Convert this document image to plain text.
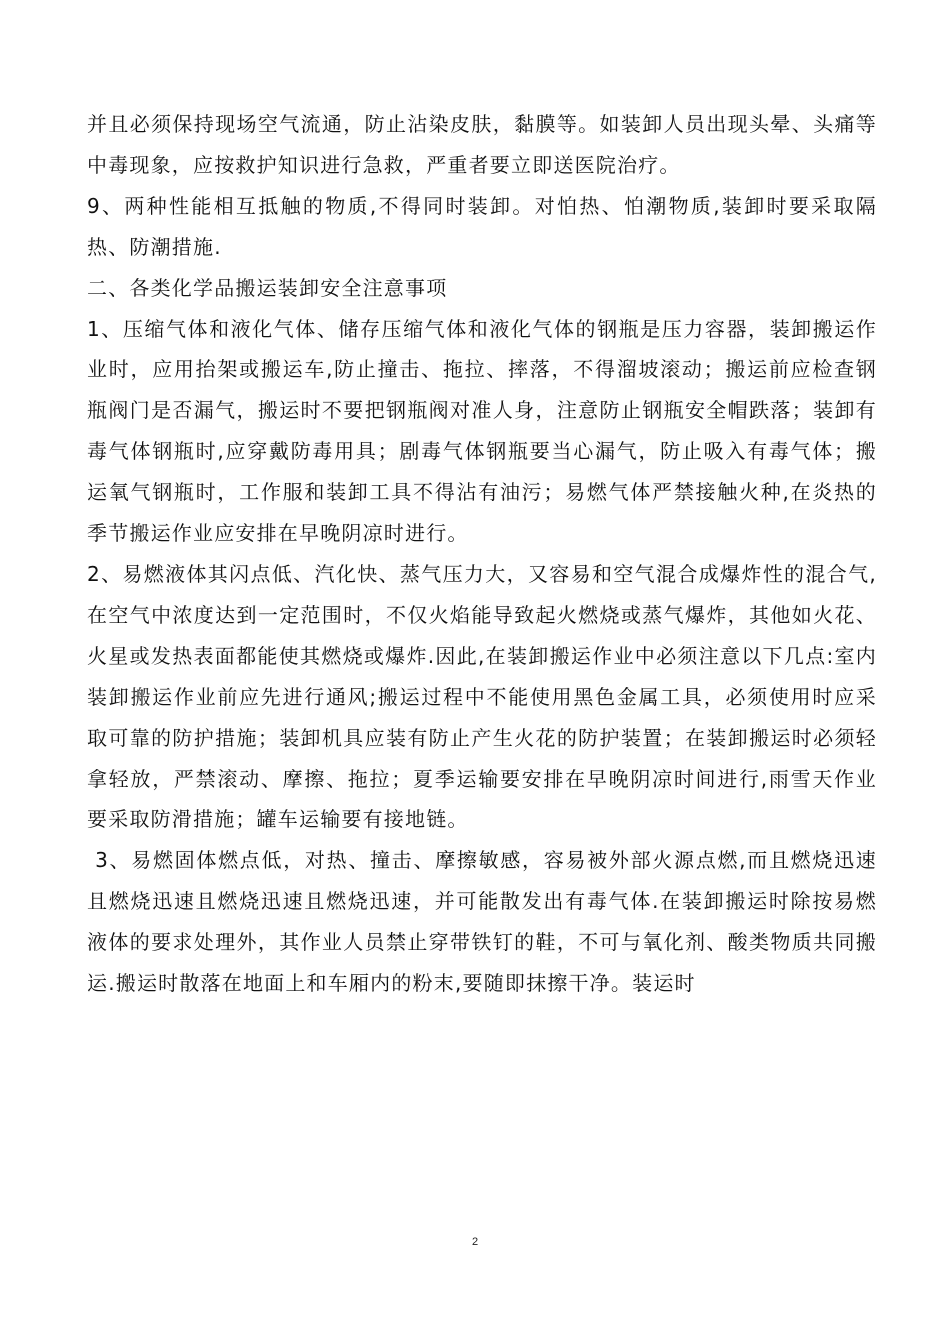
并且必须保持现场空气流通，防止沾染皮肤，黏膜等。如装卸人员出现头晕、头痛等中毒现象，应按救护知识进行急救，严重者要立即送医院治疗。

9、两种性能相互抵触的物质,不得同时装卸。对怕热、怕潮物质,装卸时要采取隔热、防潮措施.

二、各类化学品搬运装卸安全注意事项

1、压缩气体和液化气体、储存压缩气体和液化气体的钢瓶是压力容器，装卸搬运作业时，应用抬架或搬运车,防止撞击、拖拉、摔落，不得溜坡滚动；搬运前应检查钢瓶阀门是否漏气，搬运时不要把钢瓶阀对准人身，注意防止钢瓶安全帽跌落；装卸有毒气体钢瓶时,应穿戴防毒用具；剧毒气体钢瓶要当心漏气，防止吸入有毒气体；搬运氧气钢瓶时，工作服和装卸工具不得沾有油污；易燃气体严禁接触火种,在炎热的季节搬运作业应安排在早晚阴凉时进行。

2、易燃液体其闪点低、汽化快、蒸气压力大，又容易和空气混合成爆炸性的混合气,在空气中浓度达到一定范围时，不仅火焰能导致起火燃烧或蒸气爆炸，其他如火花、火星或发热表面都能使其燃烧或爆炸.因此,在装卸搬运作业中必须注意以下几点:室内装卸搬运作业前应先进行通风;搬运过程中不能使用黑色金属工具，必须使用时应采取可靠的防护措施；装卸机具应装有防止产生火花的防护装置；在装卸搬运时必须轻拿轻放，严禁滚动、摩擦、拖拉；夏季运输要安排在早晚阴凉时间进行,雨雪天作业要采取防滑措施；罐车运输要有接地链。

3、易燃固体燃点低，对热、撞击、摩擦敏感，容易被外部火源点燃,而且燃烧迅速且燃烧迅速且燃烧迅速且燃烧迅速，并可能散发出有毒气体.在装卸搬运时除按易燃液体的要求处理外，其作业人员禁止穿带铁钉的鞋，不可与氧化剂、酸类物质共同搬运.搬运时散落在地面上和车厢内的粉末,要随即抹擦干净。装运时

2
